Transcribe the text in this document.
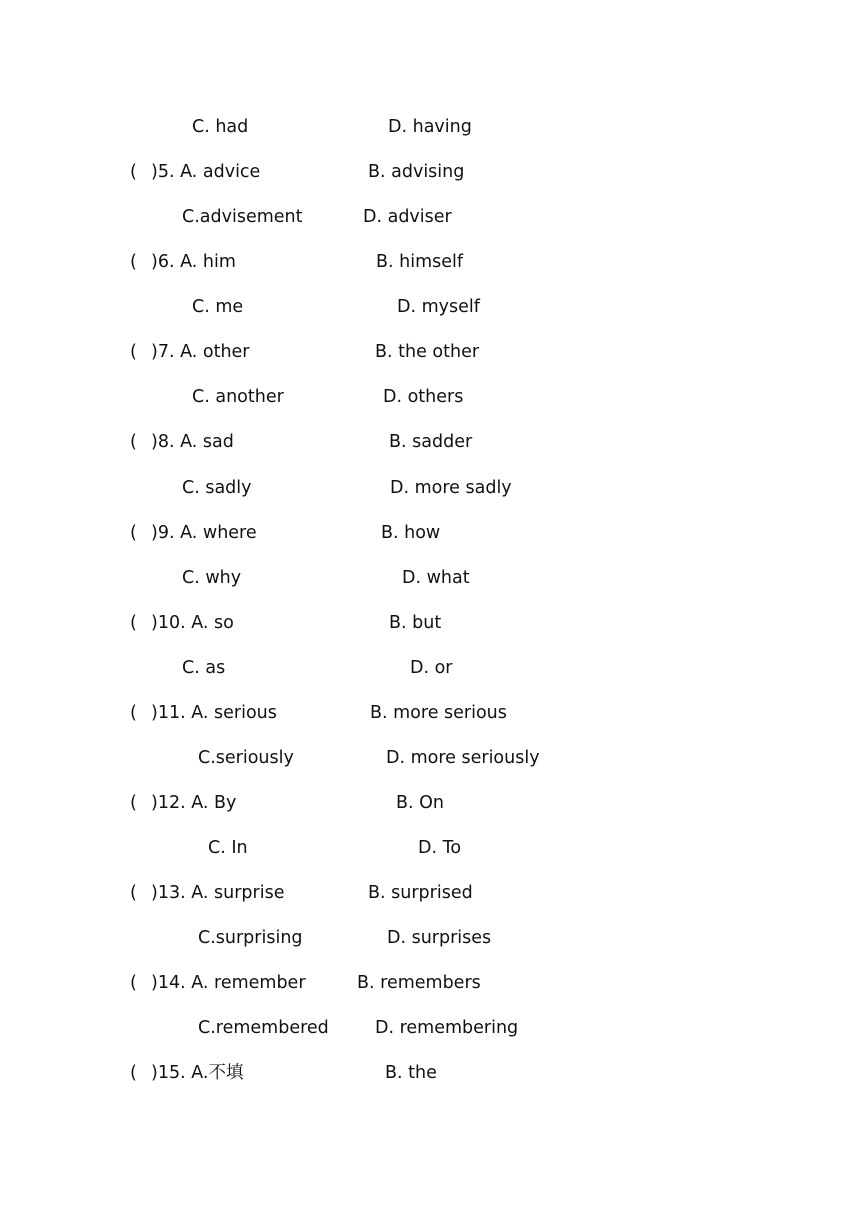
C. had	D. having
( )5. A. advice	B. advising
C.advisement	D. adviser
( )6. A. him	B. himself
C. me	D. myself
( )7. A. other	B. the other
C. another	D. others
( )8. A. sad	B. sadder
C. sadly	D. more sadly
( )9. A. where	B. how
C. why	D. what
( )10. A. so	B. but
C. as	D. or
( )11. A. serious	B. more serious
C.seriously	D. more seriously
( )12. A. By	B. On
C. In	D. To
( )13. A. surprise	B. surprised
C.surprising	D. surprises
( )14. A. remember	B. remembers
C.remembered	D. remembering
( )15. A.不填	B. the
